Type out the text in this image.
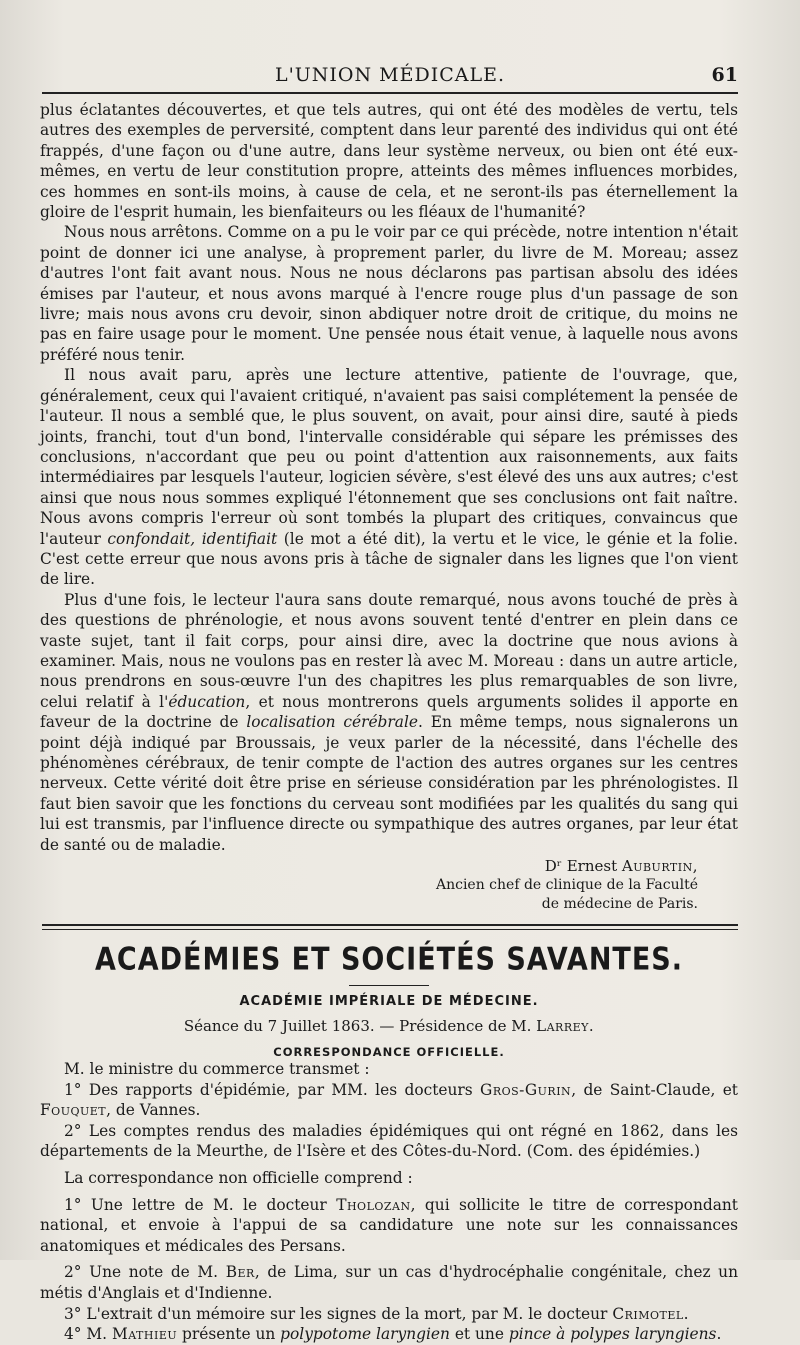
L'UNION MÉDICALE.	61

plus éclatantes découvertes, et que tels autres, qui ont été des modèles de vertu, tels autres des exemples de perversité, comptent dans leur parenté des individus qui ont été frappés, d'une façon ou d'une autre, dans leur système nerveux, ou bien ont été eux-mêmes, en vertu de leur constitution propre, atteints des mêmes influences morbides, ces hommes en sont-ils moins, à cause de cela, et ne seront-ils pas éternellement la gloire de l'esprit humain, les bienfaiteurs ou les fléaux de l'humanité?

Nous nous arrêtons. Comme on a pu le voir par ce qui précède, notre intention n'était point de donner ici une analyse, à proprement parler, du livre de M. Moreau; assez d'autres l'ont fait avant nous. Nous ne nous déclarons pas partisan absolu des idées émises par l'auteur, et nous avons marqué à l'encre rouge plus d'un passage de son livre; mais nous avons cru devoir, sinon abdiquer notre droit de critique, du moins ne pas en faire usage pour le moment. Une pensée nous était venue, à laquelle nous avons préféré nous tenir.

Il nous avait paru, après une lecture attentive, patiente de l'ouvrage, que, généralement, ceux qui l'avaient critiqué, n'avaient pas saisi complétement la pensée de l'auteur. Il nous a semblé que, le plus souvent, on avait, pour ainsi dire, sauté à pieds joints, franchi, tout d'un bond, l'intervalle considérable qui sépare les prémisses des conclusions, n'accordant que peu ou point d'attention aux raisonnements, aux faits intermédiaires par lesquels l'auteur, logicien sévère, s'est élevé des uns aux autres; c'est ainsi que nous nous sommes expliqué l'étonnement que ses conclusions ont fait naître. Nous avons compris l'erreur où sont tombés la plupart des critiques, convaincus que l'auteur confondait, identifiait (le mot a été dit), la vertu et le vice, le génie et la folie. C'est cette erreur que nous avons pris à tâche de signaler dans les lignes que l'on vient de lire.

Plus d'une fois, le lecteur l'aura sans doute remarqué, nous avons touché de près à des questions de phrénologie, et nous avons souvent tenté d'entrer en plein dans ce vaste sujet, tant il fait corps, pour ainsi dire, avec la doctrine que nous avions à examiner. Mais, nous ne voulons pas en rester là avec M. Moreau : dans un autre article, nous prendrons en sous-œuvre l'un des chapitres les plus remarquables de son livre, celui relatif à l'éducation, et nous montrerons quels arguments solides il apporte en faveur de la doctrine de localisation cérébrale. En même temps, nous signalerons un point déjà indiqué par Broussais, je veux parler de la nécessité, dans l'échelle des phénomènes cérébraux, de tenir compte de l'action des autres organes sur les centres nerveux. Cette vérité doit être prise en sérieuse considération par les phrénologistes. Il faut bien savoir que les fonctions du cerveau sont modifiées par les qualités du sang qui lui est transmis, par l'influence directe ou sympathique des autres organes, par leur état de santé ou de maladie.

Dʳ Ernest Auburtin,
Ancien chef de clinique de la Faculté
de médecine de Paris.
ACADÉMIES ET SOCIÉTÉS SAVANTES.
ACADÉMIE IMPÉRIALE DE MÉDECINE.
Séance du 7 Juillet 1863. — Présidence de M. Larrey.
CORRESPONDANCE OFFICIELLE.

M. le ministre du commerce transmet :

1° Des rapports d'épidémie, par MM. les docteurs Gros-Gurin, de Saint-Claude, et Fouquet, de Vannes.

2° Les comptes rendus des maladies épidémiques qui ont régné en 1862, dans les départements de la Meurthe, de l'Isère et des Côtes-du-Nord. (Com. des épidémies.)

La correspondance non officielle comprend :

1° Une lettre de M. le docteur Tholozan, qui sollicite le titre de correspondant national, et envoie à l'appui de sa candidature une note sur les connaissances anatomiques et médicales des Persans.

2° Une note de M. Ber, de Lima, sur un cas d'hydrocéphalie congénitale, chez un métis d'Anglais et d'Indienne.

3° L'extrait d'un mémoire sur les signes de la mort, par M. le docteur Crimotel.

4° M. Mathieu présente un polypotome laryngien et une pince à polypes laryngiens.
